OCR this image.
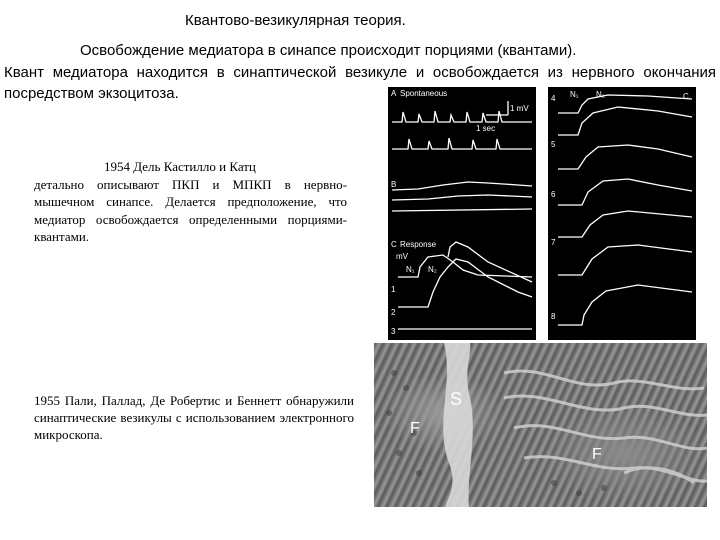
Квантово-везикулярная теория.
Освобождение медиатора в синапсе происходит порциями (квантами).

Квант медиатора находится в синаптической везикуле и освобождается из нервного окончания посредством экзоцитоза.

1954 Дель Кастилло и Катц
детально описывают ПКП и МПКП в нервно-мышечном синапсе. Делается предположение, что медиатор освобождается определенными порциями-квантами.

1955 Пали, Паллад, Де Робертис и Беннетт обнаружили синаптические везикулы с использованием электронного микроскопа.

A Spontaneous
1 mV
1 sec
B
C Response
mV
N₁ N₂
1
2
3
4 N₁ N₂	C
5
6
7
8
S
F
F
